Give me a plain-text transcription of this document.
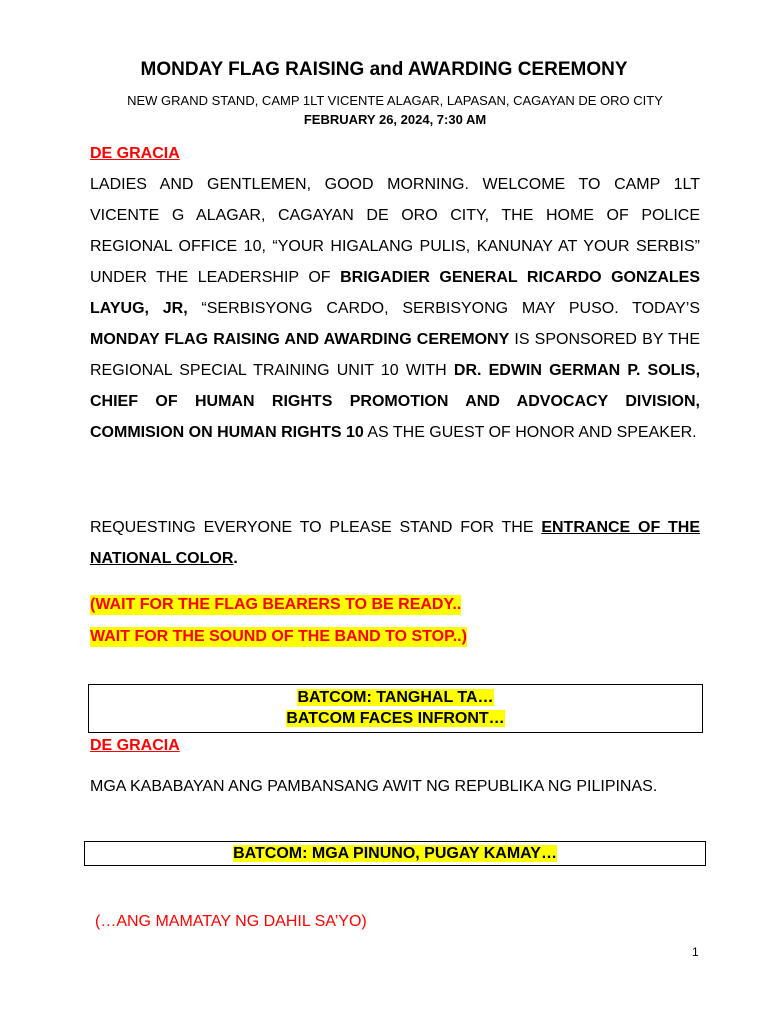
MONDAY FLAG RAISING and AWARDING CEREMONY

NEW GRAND STAND, CAMP 1LT VICENTE ALAGAR, LAPASAN, CAGAYAN DE ORO CITY

FEBRUARY 26, 2024, 7:30 AM

DE GRACIA

LADIES AND GENTLEMEN, GOOD MORNING. WELCOME TO CAMP 1LT VICENTE G ALAGAR, CAGAYAN DE ORO CITY, THE HOME OF POLICE REGIONAL OFFICE 10, “YOUR HIGALANG PULIS, KANUNAY AT YOUR SERBIS” UNDER THE LEADERSHIP OF BRIGADIER GENERAL RICARDO GONZALES LAYUG, JR, “SERBISYONG CARDO, SERBISYONG MAY PUSO. TODAY’S MONDAY FLAG RAISING AND AWARDING CEREMONY IS SPONSORED BY THE REGIONAL SPECIAL TRAINING UNIT 10 WITH DR. EDWIN GERMAN P. SOLIS, CHIEF OF HUMAN RIGHTS PROMOTION AND ADVOCACY DIVISION, COMMISION ON HUMAN RIGHTS 10 AS THE GUEST OF HONOR AND SPEAKER.

REQUESTING EVERYONE TO PLEASE STAND FOR THE ENTRANCE OF THE NATIONAL COLOR.

(WAIT FOR THE FLAG BEARERS TO BE READY..

WAIT FOR THE SOUND OF THE BAND TO STOP..)

BATCOM: TANGHAL TA…
BATCOM FACES INFRONT…

DE GRACIA

MGA KABABAYAN ANG PAMBANSANG AWIT NG REPUBLIKA NG PILIPINAS.

BATCOM: MGA PINUNO, PUGAY KAMAY…

(…ANG MAMATAY NG DAHIL SA’YO)

1
